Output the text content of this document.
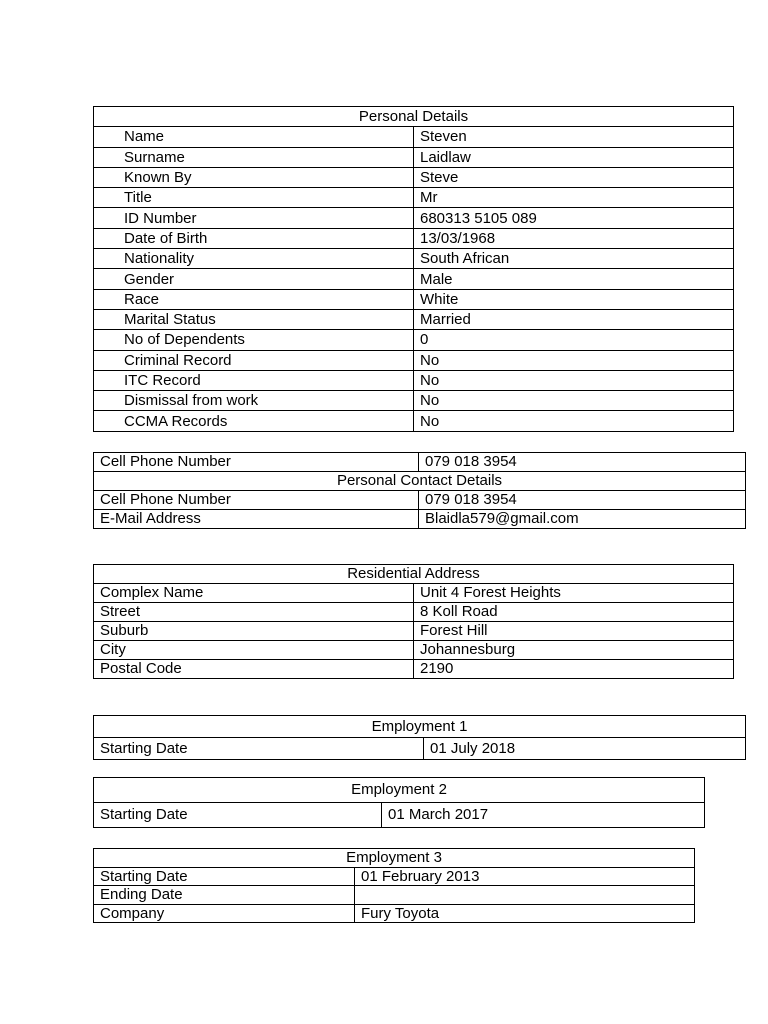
Personal Details	
Name	Steven
Surname	Laidlaw
Known By	Steve
Title	Mr
ID Number	680313 5105 089
Date of Birth	13/03/1968
Nationality	South African
Gender	Male
Race	White
Marital Status	Married
No of Dependents	0
Criminal Record	No
ITC Record	No
Dismissal from work	No
CCMA Records	No
Cell Phone Number	079 018 3954
Personal Contact Details	
Cell Phone Number	079 018 3954
E-Mail Address	Blaidla579@gmail.com
Residential Address	
Complex Name	Unit 4 Forest Heights
Street	8 Koll Road
Suburb	Forest Hill
City	Johannesburg
Postal Code	2190
Employment 1
Starting Date	01 July 2018
Employment 2
Starting Date	01 March 2017
Employment 3	
Starting Date	01 February 2013
Ending Date	
Company	Fury Toyota
